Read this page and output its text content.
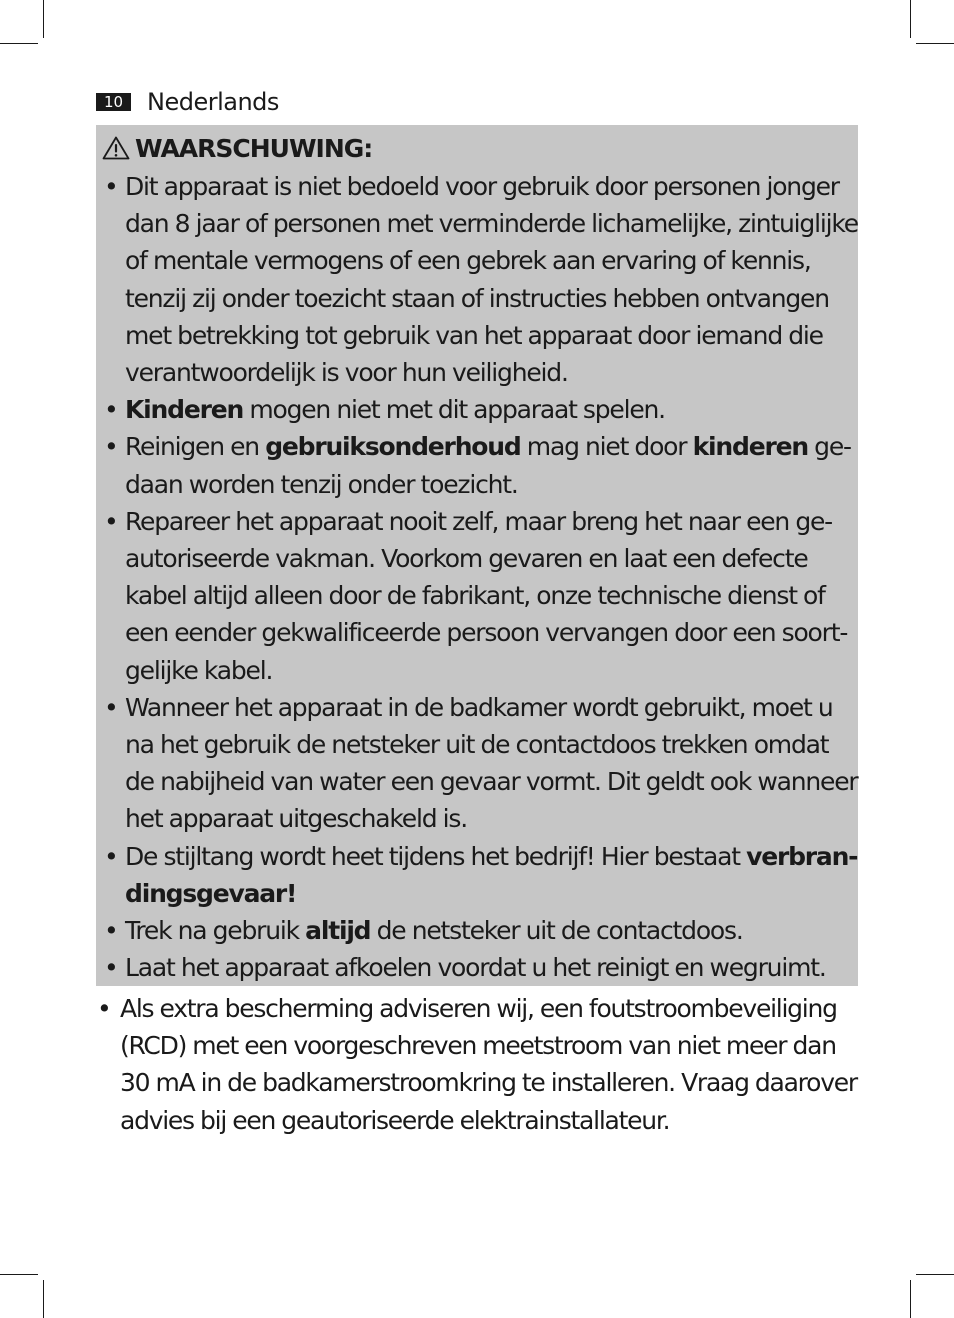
10 Nederlands
WAARSCHUWING:
• Dit apparaat is niet bedoeld voor gebruik door personen jonger
dan 8 jaar of personen met verminderde lichamelijke, zintuiglijke
of mentale vermogens of een gebrek aan ervaring of kennis,
tenzij zij onder toezicht staan of instructies hebben ontvangen
met betrekking tot gebruik van het apparaat door iemand die
verantwoordelijk is voor hun veiligheid.
• Kinderen mogen niet met dit apparaat spelen.
• Reinigen en gebruiksonderhoud mag niet door kinderen ge-
daan worden tenzij onder toezicht.
• Repareer het apparaat nooit zelf, maar breng het naar een ge-
autoriseerde vakman. Voorkom gevaren en laat een defecte
kabel altijd alleen door de fabrikant, onze technische dienst of
een eender gekwalificeerde persoon vervangen door een soort-
gelijke kabel.
• Wanneer het apparaat in de badkamer wordt gebruikt, moet u
na het gebruik de netsteker uit de contactdoos trekken omdat
de nabijheid van water een gevaar vormt. Dit geldt ook wanneer
het apparaat uitgeschakeld is.
• De stijltang wordt heet tijdens het bedrijf! Hier bestaat verbran-
dingsgevaar!
• Trek na gebruik altijd de netsteker uit de contactdoos.
• Laat het apparaat afkoelen voordat u het reinigt en wegruimt.
• Als extra bescherming adviseren wij, een foutstroombeveiliging
(RCD) met een voorgeschreven meetstroom van niet meer dan
30 mA in de badkamerstroomkring te installeren. Vraag daarover
advies bij een geautoriseerde elektrainstallateur.
